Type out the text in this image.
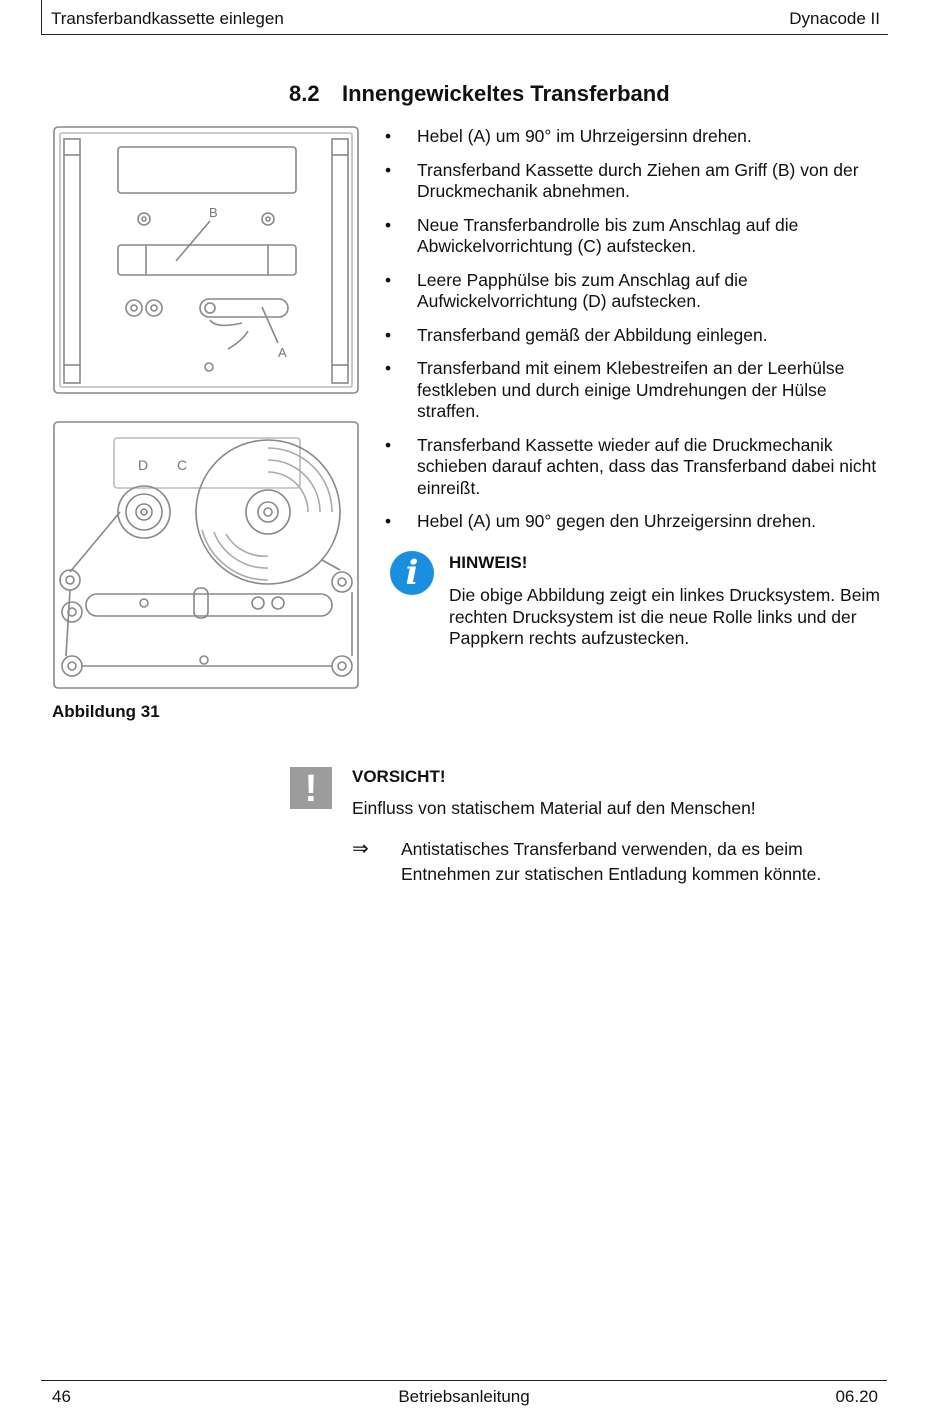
Transferbandkassette einlegen	Dynacode II
8.2 Innengewickeltes Transferband
B
A
D C
Abbildung 31
• Hebel (A) um 90° im Uhrzeigersinn drehen.
• Transferband Kassette durch Ziehen am Griff (B) von der Druckmechanik abnehmen.
• Neue Transferbandrolle bis zum Anschlag auf die Abwickelvorrichtung (C) aufstecken.
• Leere Papphülse bis zum Anschlag auf die Aufwickelvorrichtung (D) aufstecken.
• Transferband gemäß der Abbildung einlegen.
• Transferband mit einem Klebestreifen an der Leerhülse festkleben und durch einige Umdrehungen der Hülse straffen.
• Transferband Kassette wieder auf die Druckmechanik schieben darauf achten, dass das Transferband dabei nicht einreißt.
• Hebel (A) um 90° gegen den Uhrzeigersinn drehen.
i	HINWEIS!
Die obige Abbildung zeigt ein linkes Drucksystem. Beim rechten Drucksystem ist die neue Rolle links und der Pappkern rechts aufzustecken.
!	VORSICHT!
Einfluss von statischem Material auf den Menschen!
⇒ Antistatisches Transferband verwenden, da es beim Entnehmen zur statischen Entladung kommen könnte.
46	Betriebsanleitung	06.20
